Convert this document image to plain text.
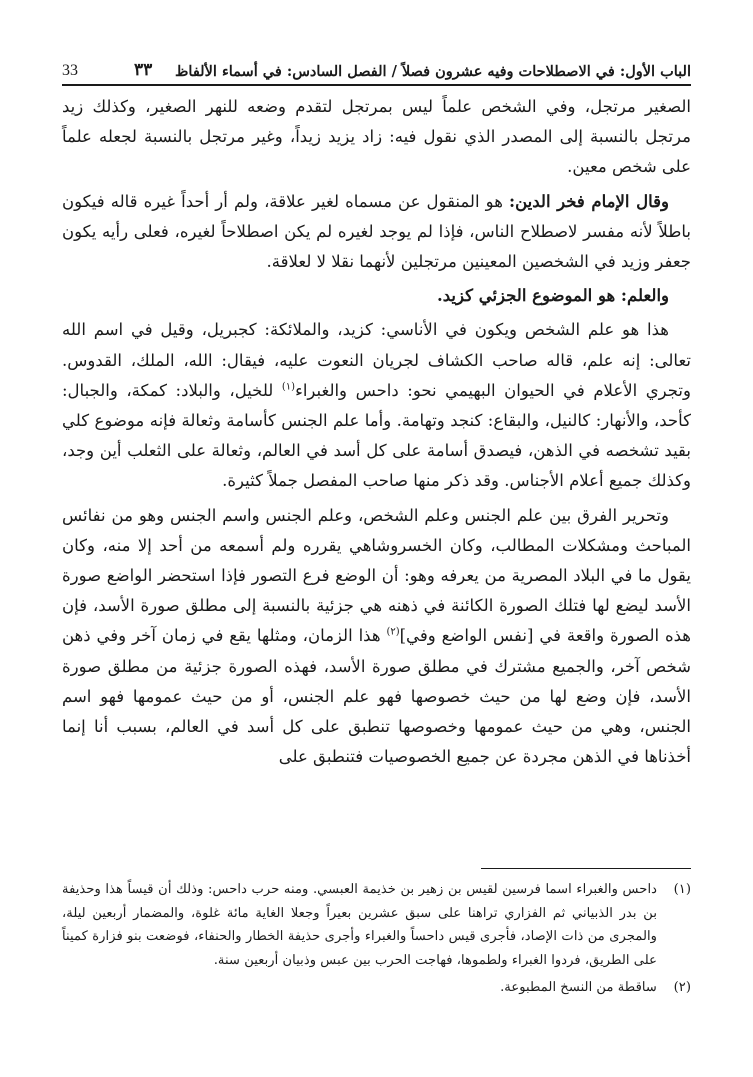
الباب الأول: في الاصطلاحات وفيه عشرون فصلاً / الفصل السادس: في أسماء الألفاظ
٣٣
33

الصغير مرتجل، وفي الشخص علماً ليس بمرتجل لتقدم وضعه للنهر الصغير، وكذلك زيد مرتجل بالنسبة إلى المصدر الذي نقول فيه: زاد يزيد زيداً، وغير مرتجل بالنسبة لجعله علماً على شخص معين.

وقال الإمام فخر الدين: هو المنقول عن مسماه لغير علاقة، ولم أر أحداً غيره قاله فيكون باطلاً لأنه مفسر لاصطلاح الناس، فإذا لم يوجد لغيره لم يكن اصطلاحاً لغيره، فعلى رأيه يكون جعفر وزيد في الشخصين المعينين مرتجلين لأنهما نقلا لا لعلاقة.

والعلم: هو الموضوع الجزئي كزيد.

هذا هو علم الشخص ويكون في الأناسي: كزيد، والملائكة: كجبريل، وقيل في اسم الله تعالى: إنه علم، قاله صاحب الكشاف لجريان النعوت عليه، فيقال: الله، الملك، القدوس. وتجري الأعلام في الحيوان البهيمي نحو: داحس والغبراء$^{(١)}$ للخيل، والبلاد: كمكة، والجبال: كأحد، والأنهار: كالنيل، والبقاع: كنجد وتهامة. وأما علم الجنس كأسامة وثعالة فإنه موضوع كلي بقيد تشخصه في الذهن، فيصدق أسامة على كل أسد في العالم، وثعالة على الثعلب أين وجد، وكذلك جميع أعلام الأجناس. وقد ذكر منها صاحب المفصل جملاً كثيرة.

وتحرير الفرق بين علم الجنس وعلم الشخص، وعلم الجنس واسم الجنس وهو من نفائس المباحث ومشكلات المطالب، وكان الخسروشاهي يقرره ولم أسمعه من أحد إلا منه، وكان يقول ما في البلاد المصرية من يعرفه وهو: أن الوضع فرع التصور فإذا استحضر الواضع صورة الأسد ليضع لها فتلك الصورة الكائنة في ذهنه هي جزئية بالنسبة إلى مطلق صورة الأسد، فإن هذه الصورة واقعة في [نفس الواضع وفي]$^{(٢)}$ هذا الزمان، ومثلها يقع في زمان آخر وفي ذهن شخص آخر، والجميع مشترك في مطلق صورة الأسد، فهذه الصورة جزئية من مطلق صورة الأسد، فإن وضع لها من حيث خصوصها فهو علم الجنس، أو من حيث عمومها فهو اسم الجنس، وهي من حيث عمومها وخصوصها تنطبق على كل أسد في العالم، بسبب أنا إنما أخذناها في الذهن مجردة عن جميع الخصوصيات فتنطبق على

(١)
داحس والغبراء اسما فرسين لقيس بن زهير بن خذيمة العبسي. ومنه حرب داحس: وذلك أن قيساً هذا وحذيفة بن بدر الذبياني ثم الفزاري تراهنا على سبق عشرين بعيراً وجعلا الغاية مائة غلوة، والمضمار أربعين ليلة، والمجرى من ذات الإصاد، فأجرى قيس داحساً والغبراء وأجرى حذيفة الخطار والحنفاء، فوضعت بنو فزارة كميناً على الطريق، فردوا الغبراء ولطموها، فهاجت الحرب بين عبس وذبيان أربعين سنة.
(٢)
ساقطة من النسخ المطبوعة.
